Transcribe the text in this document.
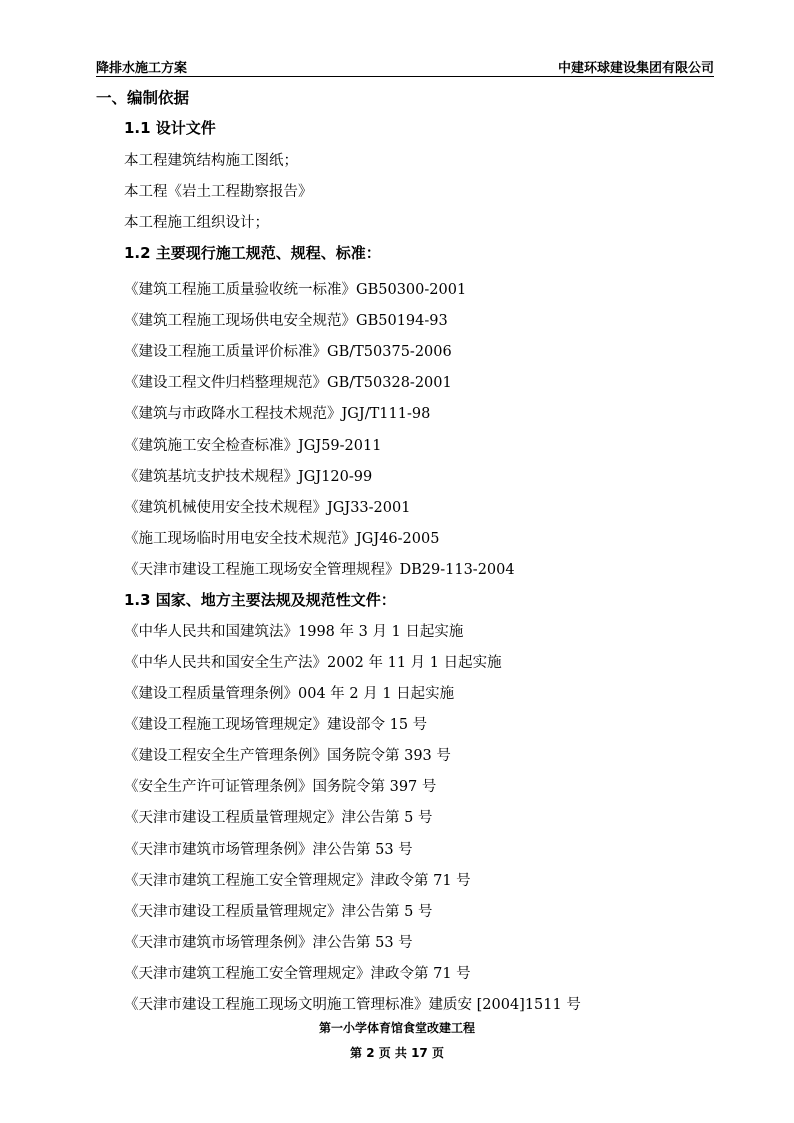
降排水施工方案	中建环球建设集团有限公司
一、编制依据
1.1 设计文件
本工程建筑结构施工图纸；
本工程《岩土工程勘察报告》
本工程施工组织设计；
1.2 主要现行施工规范、规程、标准：
《建筑工程施工质量验收统一标准》GB50300-2001
《建筑工程施工现场供电安全规范》GB50194-93
《建设工程施工质量评价标准》GB/T50375-2006
《建设工程文件归档整理规范》GB/T50328-2001
《建筑与市政降水工程技术规范》JGJ/T111-98
《建筑施工安全检查标准》JGJ59-2011
《建筑基坑支护技术规程》JGJ120-99
《建筑机械使用安全技术规程》JGJ33-2001
《施工现场临时用电安全技术规范》JGJ46-2005
《天津市建设工程施工现场安全管理规程》DB29-113-2004
1.3 国家、地方主要法规及规范性文件：
《中华人民共和国建筑法》1998 年 3 月 1 日起实施
《中华人民共和国安全生产法》2002 年 11 月 1 日起实施
《建设工程质量管理条例》004 年 2 月 1 日起实施
《建设工程施工现场管理规定》建设部令 15 号
《建设工程安全生产管理条例》国务院令第 393 号
《安全生产许可证管理条例》国务院令第 397 号
《天津市建设工程质量管理规定》津公告第 5 号
《天津市建筑市场管理条例》津公告第 53 号
《天津市建筑工程施工安全管理规定》津政令第 71 号
《天津市建设工程质量管理规定》津公告第 5 号
《天津市建筑市场管理条例》津公告第 53 号
《天津市建筑工程施工安全管理规定》津政令第 71 号
《天津市建设工程施工现场文明施工管理标准》建质安 [2004]1511 号
第一小学体育馆食堂改建工程
第 2 页 共 17 页
